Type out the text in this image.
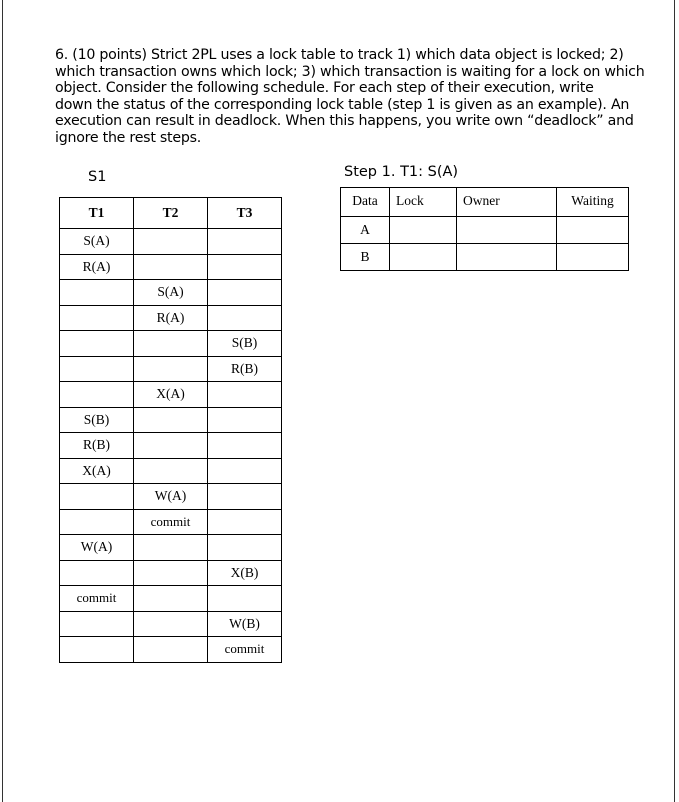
6. (10 points) Strict 2PL uses a lock table to track 1) which data object is locked; 2)
which transaction owns which lock; 3) which transaction is waiting for a lock on which
object. Consider the following schedule. For each step of their execution, write
down the status of the corresponding lock table (step 1 is given as an example). An
execution can result in deadlock. When this happens, you write own “deadlock” and
ignore the rest steps.
S1	Step 1. T1: S(A)
T1	T2	T3
S(A)		
R(A)		
	S(A)	
	R(A)	
		S(B)
		R(B)
	X(A)	
S(B)		
R(B)		
X(A)		
	W(A)	
	commit	
W(A)		
		X(B)
commit		
		W(B)
		commit
Data	Lock	Owner	Waiting
A			
B			
